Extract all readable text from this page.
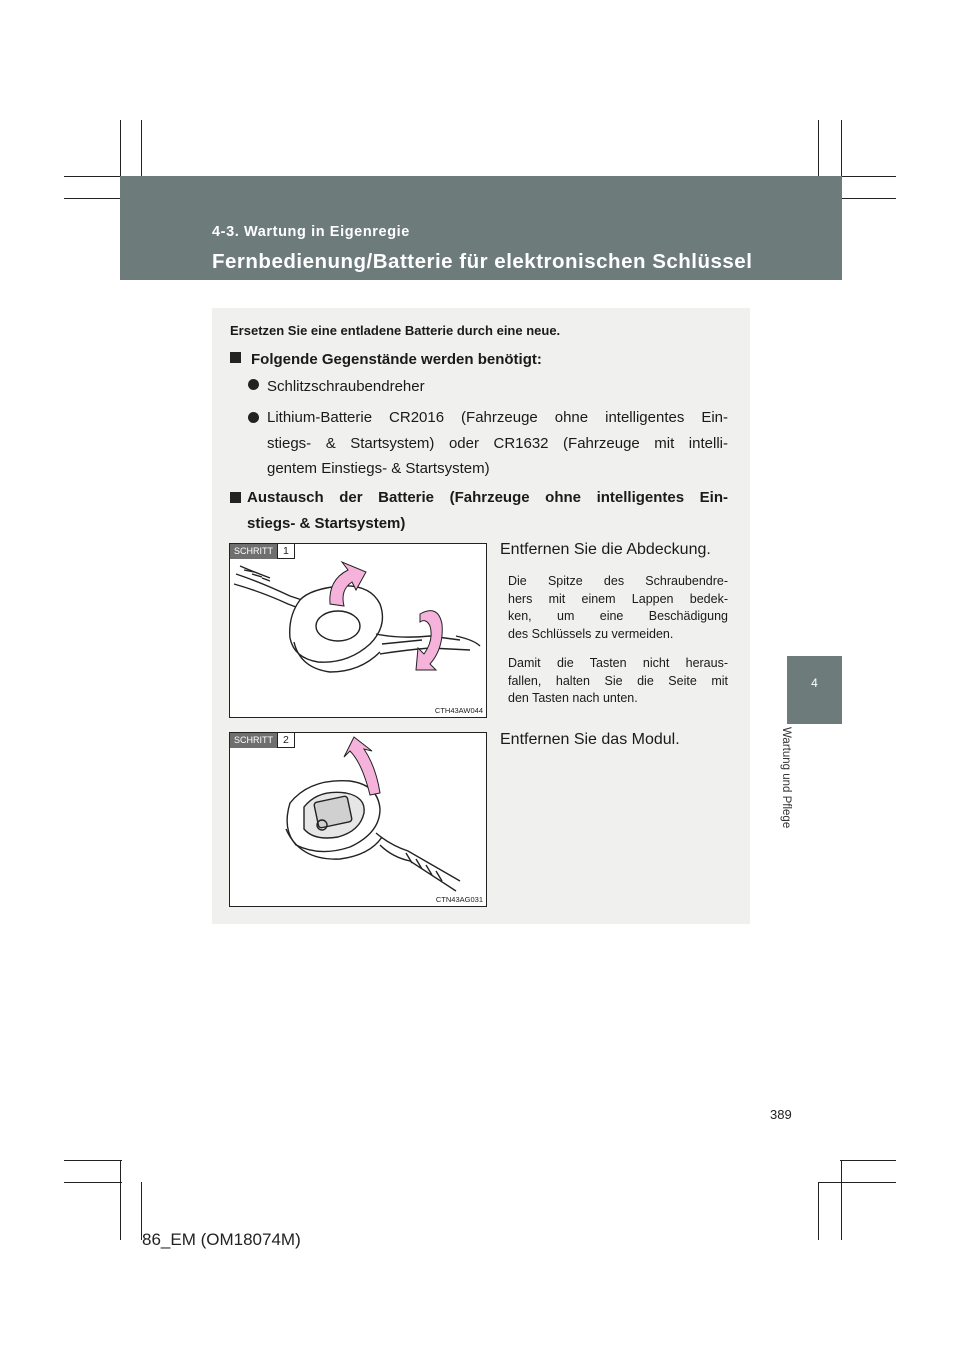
4-3. Wartung in Eigenregie
Fernbedienung/Batterie für elektronischen Schlüssel
4
Wartung und Pflege
Ersetzen Sie eine entladene Batterie durch eine neue.
Folgende Gegenstände werden benötigt:
Schlitzschraubendreher
Lithium-Batterie CR2016 (Fahrzeuge ohne intelligentes Ein-
stiegs- & Startsystem) oder CR1632 (Fahrzeuge mit intelli-
gentem Einstiegs- & Startsystem)
Austausch der Batterie (Fahrzeuge ohne intelligentes Ein-
stiegs- & Startsystem)
SCHRITT 1
CTH43AW044
Entfernen Sie die Abdeckung.
Die Spitze des Schraubendre-
hers mit einem Lappen bedek-
ken, um eine Beschädigung
des Schlüssels zu vermeiden.
Damit die Tasten nicht heraus-
fallen, halten Sie die Seite mit
den Tasten nach unten.
SCHRITT 2
CTN43AG031
Entfernen Sie das Modul.
389
86_EM (OM18074M)
